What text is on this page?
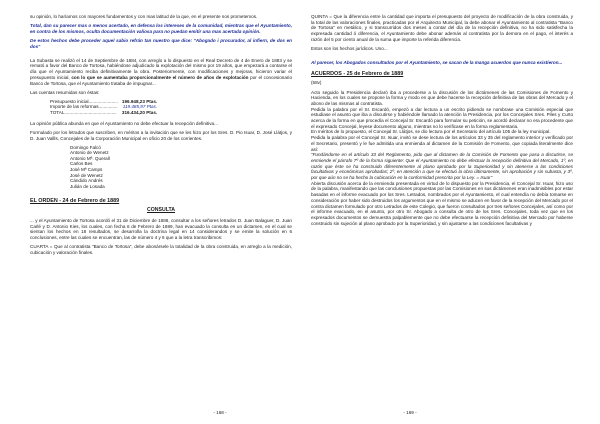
su opinión, lo haríamos con mayores fundamentos y con mas latitud de la que, en el presente nos prometemos.

Total, dan su parecer mas o menos acertado, en defensa los intereses de la comunidad, mientras que el Ayuntamiento, en contra de los mismos, oculta documentación valiosa para no puedan emitir una mas acertada opinión.

De estos hechos debe proceder aquel sabio refrán tan nuestro que dice: "Abogado i procurador, al infiern, de dos en dos"

La Subasta se realizó el 14 de Septiembre de 1884, con arreglo a lo dispuesto en el Real Decreto de 4 de Enero de 1883 y se remató a favor del Banco de Tortosa, habiéndose adjudicado la explotación del mismo por 19 años, que empezará a contarse el día que el Ayuntamiento reciba definitivamente la obra. Posteriormente, con modificaciones y mejoras, hicieron variar el presupuesto inicial, con lo que se aumentaba proporcionalmente el número de años de explotación por el concesionario Banco de Tortosa, que el Ayuntamiento trataba de impugnar...

Las cuentas resumidas son éstas:

Presupuesto inicial.......................	196.948,23 Ptas.
Importe de las reformas...............	119.485,97 Ptas.
TOTAL.........................................	316.434,20 Ptas.

La opinión pública abunda en que el Ayuntamiento no debe efectuar la recepción definitiva...

Formulado por los letrados que suscriben, en méritos a la invitación que se les hizo por los Sres. D. Pio Isuar, D. José Llátjos, y D. Juan Vallls, Concejales de la Corporación Municipal en oficio 20 de los corrientes.

Domingo Falcó
Antonio de Wenetz
Antonio Mª. Querall
Carlos Bes
José Mª Camps
José de Wenetz
Cándido Andrés
Julián de Losada
EL ORDEN - 24 de Febrero de 1889
CONSULTA

... y el Ayuntamiento de Tortosa acordó el 31 de Diciembre de 1888, consultar a los señores letrados D. Juan Balaguer, D. Juan Carlé y D. Antonio Kies, los cuales, con fecha 6 de Febrero de 1889, han evacuado la consulta en un dictamen, en el cual se sientan los hechos en 18 resultados, se desarrolla la doctrina legal en 14 considerandos y se emite la solución en 6 conclusiones, entre las cuales se encuentran, las de número 4 y 6 que a la letra transcribimos:

CUARTA = Que al contratista "Banco de Tortosa", debe abonársele la totalidad de la obra construida, en arreglo a la medición, cubicación y valoración finales.

QUINTA = Que la diferencia entre la cantidad que importa el presupuesto del proyecto de modificación de la obra construida, y la total de las valoraciones finales, practicadas por el Arquitecto Municipal, la debe abonar el Ayuntamiento al contratista "Banco de Tortosa" en metálico, y si transcurridos dos meses a contar del día de la recepción definitiva, no ha sido satisfecha la expresada cantidad ó diferencia, el Ayuntamiento debe abonar además al contratista por la demora en el pago, el interés a razón del 5 por ciento anual de la suma que importe la referida diferencia.

Estos son los hechos jurídicos. Uno...

Al parecer, los Abogados consultados por el Ayuntamiento, se sacan de la manga acuerdos que nunca existieron...

ACUERDOS - 25 de Febrero de 1889

(58v)

Acto seguido la Presidencia declaró iba a procederse a la discusión de los dictámenes de las Comisiones de Fomento y Hacienda, en los cuales se propone la forma y modo en que debe hacerse la recepción definitiva de las obras del Mercado y el abono de las mismas al contratista.

Pedida la palabra por el Sr. Escardó, empezó a dar lectura a un escrito pidiendo se nombrase una Comisión especial que estudiase el asunto que iba a discutirse y habiéndole llamado la atención la Presidencia, por los Concejales Sres. Piles y Curto acerca de la forma en que procedía el Concejal Sr. Escardó para formular su petición, se acordó declarar no era procedente que el expresado Concejal, leyese documento alguno, mientras no lo verificase en la forma reglamentaria.

En méritos de lo propuesto, el Concejal Sr. Llátjos, se dio lectura por el Secretario del artículo 105 de la ley municipal.

Pedida la palabra por el Concejal Sr. Isuar, invitó se dese lectura de los artículos 33 y 35 del reglamento interior y verificado por el Secretario, presentó y le fue admitida una enmienda al dictamen de la Comisión de Fomento, que copiada literalmente dice así:

"Fundándome en el artículo 33 del Reglamento, pido que al dictamen de la Comisión de Fomento que pasa a discutirse, se enmiende el párrafo 7º de la forma siguiente: Que el Ayuntamiento no debe efectuar la recepción definitiva del Mercado, 1º, en razón que éste se ha construido diferentemente al plano aprobado por la Superioridad y sin atenerse a las condiciones facultativas y económicas aprobadas; 2º, en atención a que se efectuó la obra últimamente, sin aprobación y sin subasta, y 3º, por que aún no se ha hecho la cubicación en la conformidad prescrita por la Ley. = Isuar"

Abierta discusión acerca de la enmienda presentada en virtud de lo dispuesto por la Presidencia, el Concejal Sr. Isuar, hizo uso de la palabra, manifestando que las conclusiones propuestas por las Comisiones en sus dictámenes eran inadmisibles por estar basadas en el informe evacuado por los Sres. Letrados, nombrados por el Ayuntamiento, el cual entendía no debía tomarse en consideración por haber sido destruidos los argumentos que en el mismo se aducen en favor de la recepción del Mercado por el contra dictamen formulado por otro Letrados de este Colegio, que fueron consultados por tres señores Concejales, así como por el informe evacuado, en el asunto, por otro Sr. Abogado a consulta de otro de los Sres. Concejales, toda vez que en los expresados documentos se demuestra palpablemente que no debe efectuarse la recepción definitiva del Mercado por haberse construido sin sujeción al plano aprobado por la Superioridad, y sin ajustarse a las condiciones facultativas y

- 168 -	- 169 -
